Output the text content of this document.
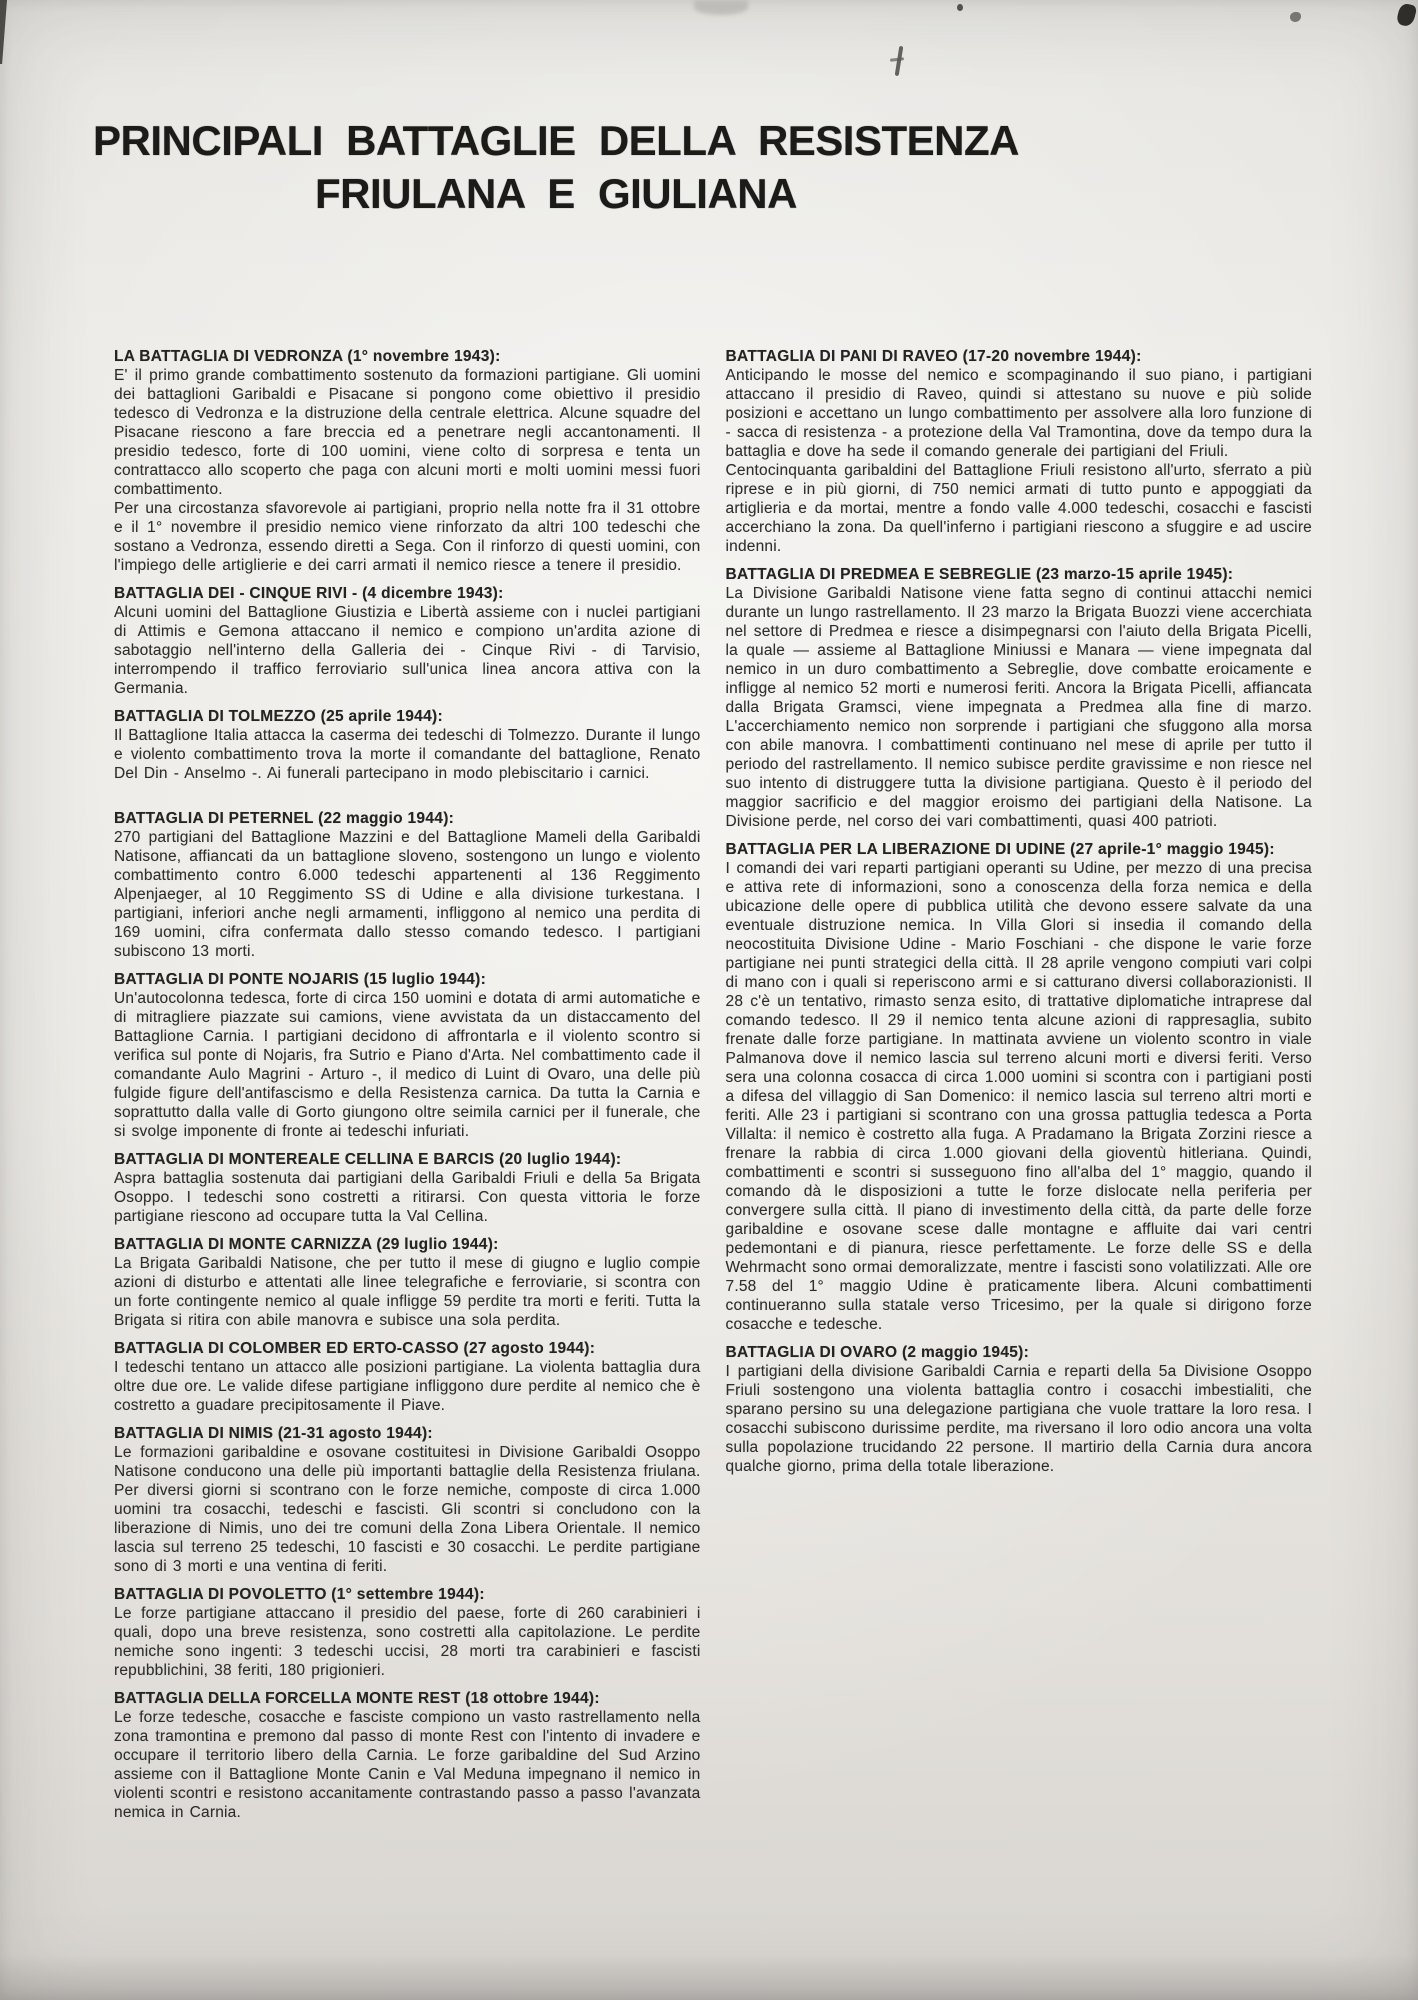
PRINCIPALI BATTAGLIE DELLA RESISTENZA
FRIULANA E GIULIANA
LA BATTAGLIA DI VEDRONZA (1° novembre 1943):

E' il primo grande combattimento sostenuto da formazioni partigiane. Gli uomini dei battaglioni Garibaldi e Pisacane si pongono come obiettivo il presidio tedesco di Vedronza e la distruzione della centrale elettrica. Alcune squadre del Pisacane riescono a fare breccia ed a penetrare negli accantonamenti. Il presidio tedesco, forte di 100 uomini, viene colto di sorpresa e tenta un contrattacco allo scoperto che paga con alcuni morti e molti uomini messi fuori combattimento.

Per una circostanza sfavorevole ai partigiani, proprio nella notte fra il 31 ottobre e il 1° novembre il presidio nemico viene rinforzato da altri 100 tedeschi che sostano a Vedronza, essendo diretti a Sega. Con il rinforzo di questi uomini, con l'impiego delle artiglierie e dei carri armati il nemico riesce a tenere il presidio.

BATTAGLIA DEI - CINQUE RIVI - (4 dicembre 1943):

Alcuni uomini del Battaglione Giustizia e Libertà assieme con i nuclei partigiani di Attimis e Gemona attaccano il nemico e compiono un'ardita azione di sabotaggio nell'interno della Galleria dei - Cinque Rivi - di Tarvisio, interrompendo il traffico ferroviario sull'unica linea ancora attiva con la Germania.

BATTAGLIA DI TOLMEZZO (25 aprile 1944):

Il Battaglione Italia attacca la caserma dei tedeschi di Tolmezzo. Durante il lungo e violento combattimento trova la morte il comandante del battaglione, Renato Del Din - Anselmo -. Ai funerali partecipano in modo plebiscitario i carnici.

BATTAGLIA DI PETERNEL (22 maggio 1944):

270 partigiani del Battaglione Mazzini e del Battaglione Mameli della Garibaldi Natisone, affiancati da un battaglione sloveno, sostengono un lungo e violento combattimento contro 6.000 tedeschi appartenenti al 136 Reggimento Alpenjaeger, al 10 Reggimento SS di Udine e alla divisione turkestana. I partigiani, inferiori anche negli armamenti, infliggono al nemico una perdita di 169 uomini, cifra confermata dallo stesso comando tedesco. I partigiani subiscono 13 morti.

BATTAGLIA DI PONTE NOJARIS (15 luglio 1944):

Un'autocolonna tedesca, forte di circa 150 uomini e dotata di armi automatiche e di mitragliere piazzate sui camions, viene avvistata da un distaccamento del Battaglione Carnia. I partigiani decidono di affrontarla e il violento scontro si verifica sul ponte di Nojaris, fra Sutrio e Piano d'Arta. Nel combattimento cade il comandante Aulo Magrini - Arturo -, il medico di Luint di Ovaro, una delle più fulgide figure dell'antifascismo e della Resistenza carnica. Da tutta la Carnia e soprattutto dalla valle di Gorto giungono oltre seimila carnici per il funerale, che si svolge imponente di fronte ai tedeschi infuriati.

BATTAGLIA DI MONTEREALE CELLINA E BARCIS (20 luglio 1944):

Aspra battaglia sostenuta dai partigiani della Garibaldi Friuli e della 5a Brigata Osoppo. I tedeschi sono costretti a ritirarsi. Con questa vittoria le forze partigiane riescono ad occupare tutta la Val Cellina.

BATTAGLIA DI MONTE CARNIZZA (29 luglio 1944):

La Brigata Garibaldi Natisone, che per tutto il mese di giugno e luglio compie azioni di disturbo e attentati alle linee telegrafiche e ferroviarie, si scontra con un forte contingente nemico al quale infligge 59 perdite tra morti e feriti. Tutta la Brigata si ritira con abile manovra e subisce una sola perdita.

BATTAGLIA DI COLOMBER ED ERTO-CASSO (27 agosto 1944):

I tedeschi tentano un attacco alle posizioni partigiane. La violenta battaglia dura oltre due ore. Le valide difese partigiane infliggono dure perdite al nemico che è costretto a guadare precipitosamente il Piave.

BATTAGLIA DI NIMIS (21-31 agosto 1944):

Le formazioni garibaldine e osovane costituitesi in Divisione Garibaldi Osoppo Natisone conducono una delle più importanti battaglie della Resistenza friulana. Per diversi giorni si scontrano con le forze nemiche, composte di circa 1.000 uomini tra cosacchi, tedeschi e fascisti. Gli scontri si concludono con la liberazione di Nimis, uno dei tre comuni della Zona Libera Orientale. Il nemico lascia sul terreno 25 tedeschi, 10 fascisti e 30 cosacchi. Le perdite partigiane sono di 3 morti e una ventina di feriti.

BATTAGLIA DI POVOLETTO (1° settembre 1944):

Le forze partigiane attaccano il presidio del paese, forte di 260 carabinieri i quali, dopo una breve resistenza, sono costretti alla capitolazione. Le perdite nemiche sono ingenti: 3 tedeschi uccisi, 28 morti tra carabinieri e fascisti repubblichini, 38 feriti, 180 prigionieri.

BATTAGLIA DELLA FORCELLA MONTE REST (18 ottobre 1944):

Le forze tedesche, cosacche e fasciste compiono un vasto rastrellamento nella zona tramontina e premono dal passo di monte Rest con l'intento di invadere e occupare il territorio libero della Carnia. Le forze garibaldine del Sud Arzino assieme con il Battaglione Monte Canin e Val Meduna impegnano il nemico in violenti scontri e resistono accanitamente contrastando passo a passo l'avanzata nemica in Carnia.

BATTAGLIA DI PANI DI RAVEO (17-20 novembre 1944):

Anticipando le mosse del nemico e scompaginando il suo piano, i partigiani attaccano il presidio di Raveo, quindi si attestano su nuove e più solide posizioni e accettano un lungo combattimento per assolvere alla loro funzione di - sacca di resistenza - a protezione della Val Tramontina, dove da tempo dura la battaglia e dove ha sede il comando generale dei partigiani del Friuli.

Centocinquanta garibaldini del Battaglione Friuli resistono all'urto, sferrato a più riprese e in più giorni, di 750 nemici armati di tutto punto e appoggiati da artiglieria e da mortai, mentre a fondo valle 4.000 tedeschi, cosacchi e fascisti accerchiano la zona. Da quell'inferno i partigiani riescono a sfuggire e ad uscire indenni.

BATTAGLIA DI PREDMEA E SEBREGLIE (23 marzo-15 aprile 1945):

La Divisione Garibaldi Natisone viene fatta segno di continui attacchi nemici durante un lungo rastrellamento. Il 23 marzo la Brigata Buozzi viene accerchiata nel settore di Predmea e riesce a disimpegnarsi con l'aiuto della Brigata Picelli, la quale — assieme al Battaglione Miniussi e Manara — viene impegnata dal nemico in un duro combattimento a Sebreglie, dove combatte eroicamente e infligge al nemico 52 morti e numerosi feriti. Ancora la Brigata Picelli, affiancata dalla Brigata Gramsci, viene impegnata a Predmea alla fine di marzo. L'accerchiamento nemico non sorprende i partigiani che sfuggono alla morsa con abile manovra. I combattimenti continuano nel mese di aprile per tutto il periodo del rastrellamento. Il nemico subisce perdite gravissime e non riesce nel suo intento di distruggere tutta la divisione partigiana. Questo è il periodo del maggior sacrificio e del maggior eroismo dei partigiani della Natisone. La Divisione perde, nel corso dei vari combattimenti, quasi 400 patrioti.

BATTAGLIA PER LA LIBERAZIONE DI UDINE (27 aprile-1° maggio 1945):

I comandi dei vari reparti partigiani operanti su Udine, per mezzo di una precisa e attiva rete di informazioni, sono a conoscenza della forza nemica e della ubicazione delle opere di pubblica utilità che devono essere salvate da una eventuale distruzione nemica. In Villa Glori si insedia il comando della neocostituita Divisione Udine - Mario Foschiani - che dispone le varie forze partigiane nei punti strategici della città. Il 28 aprile vengono compiuti vari colpi di mano con i quali si reperiscono armi e si catturano diversi collaborazionisti. Il 28 c'è un tentativo, rimasto senza esito, di trattative diplomatiche intraprese dal comando tedesco. Il 29 il nemico tenta alcune azioni di rappresaglia, subito frenate dalle forze partigiane. In mattinata avviene un violento scontro in viale Palmanova dove il nemico lascia sul terreno alcuni morti e diversi feriti. Verso sera una colonna cosacca di circa 1.000 uomini si scontra con i partigiani posti a difesa del villaggio di San Domenico: il nemico lascia sul terreno altri morti e feriti. Alle 23 i partigiani si scontrano con una grossa pattuglia tedesca a Porta Villalta: il nemico è costretto alla fuga. A Pradamano la Brigata Zorzini riesce a frenare la rabbia di circa 1.000 giovani della gioventù hitleriana. Quindi, combattimenti e scontri si susseguono fino all'alba del 1° maggio, quando il comando dà le disposizioni a tutte le forze dislocate nella periferia per convergere sulla città. Il piano di investimento della città, da parte delle forze garibaldine e osovane scese dalle montagne e affluite dai vari centri pedemontani e di pianura, riesce perfettamente. Le forze delle SS e della Wehrmacht sono ormai demoralizzate, mentre i fascisti sono volatilizzati. Alle ore 7.58 del 1° maggio Udine è praticamente libera. Alcuni combattimenti continueranno sulla statale verso Tricesimo, per la quale si dirigono forze cosacche e tedesche.

BATTAGLIA DI OVARO (2 maggio 1945):

I partigiani della divisione Garibaldi Carnia e reparti della 5a Divisione Osoppo Friuli sostengono una violenta battaglia contro i cosacchi imbestialiti, che sparano persino su una delegazione partigiana che vuole trattare la loro resa. I cosacchi subiscono durissime perdite, ma riversano il loro odio ancora una volta sulla popolazione trucidando 22 persone. Il martirio della Carnia dura ancora qualche giorno, prima della totale liberazione.
